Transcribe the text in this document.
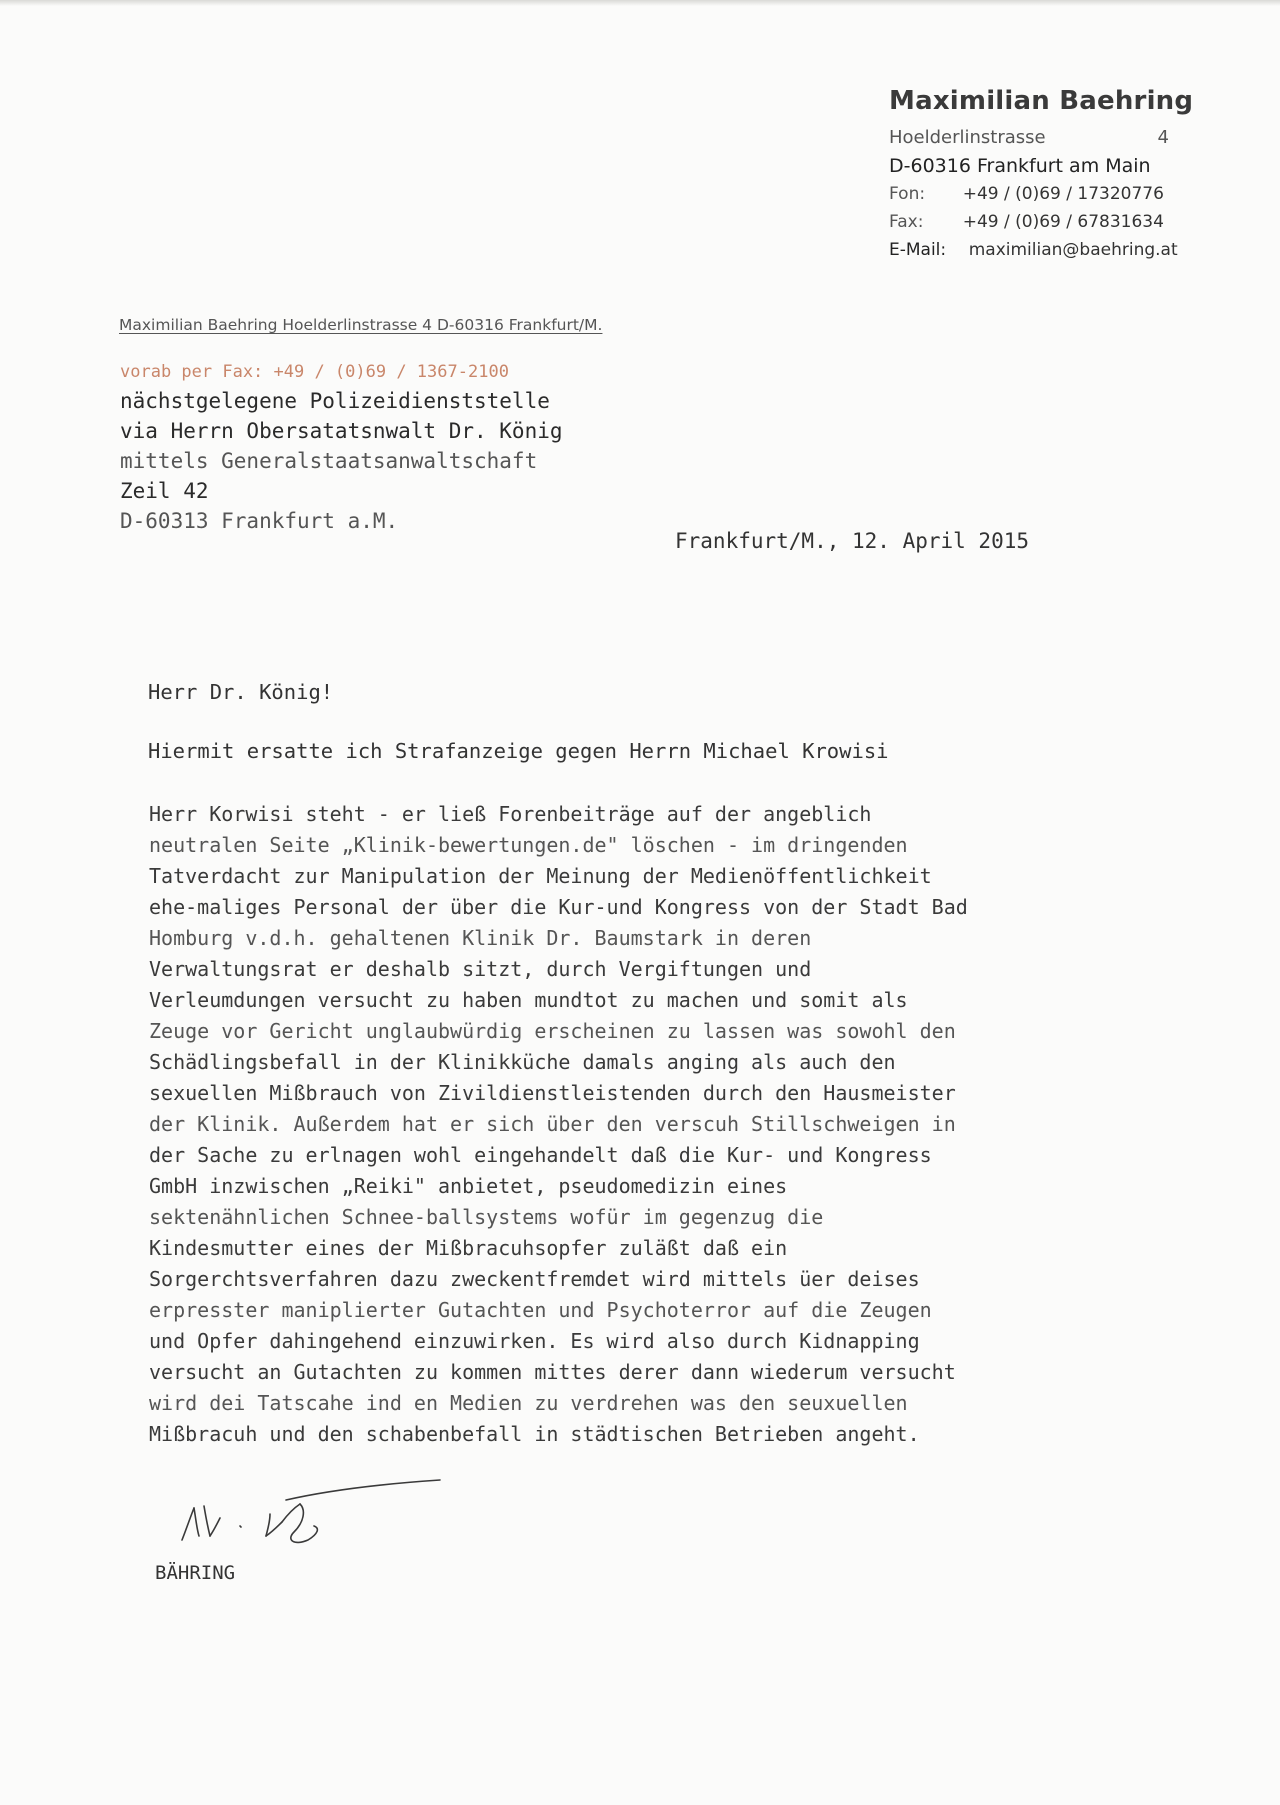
Maximilian Baehring
Hoelderlinstrasse	4
D-60316 Frankfurt am Main
Fon: +49 / (0)69 / 17320776
Fax: +49 / (0)69 / 67831634
E-Mail: maximilian@baehring.at
Maximilian Baehring Hoelderlinstrasse 4 D-60316 Frankfurt/M.
vorab per Fax: +49 / (0)69 / 1367-2100
nächstgelegene Polizeidienststelle
via Herrn Obersatatsnwalt Dr. König
mittels Generalstaatsanwaltschaft
Zeil 42
D-60313 Frankfurt a.M.
Frankfurt/M., 12. April 2015
Herr Dr. König!
Hiermit ersatte ich Strafanzeige gegen Herrn Michael Krowisi
Herr Korwisi steht - er ließ Forenbeiträge auf der angeblich
neutralen Seite „Klinik-bewertungen.de" löschen - im dringenden
Tatverdacht zur Manipulation der Meinung der Medienöffentlichkeit
ehe-maliges Personal der über die Kur-und Kongress von der Stadt Bad
Homburg v.d.h. gehaltenen Klinik Dr. Baumstark in deren
Verwaltungsrat er deshalb sitzt, durch Vergiftungen und
Verleumdungen versucht zu haben mundtot zu machen und somit als
Zeuge vor Gericht unglaubwürdig erscheinen zu lassen was sowohl den
Schädlingsbefall in der Klinikküche damals anging als auch den
sexuellen Mißbrauch von Zivildienstleistenden durch den Hausmeister
der Klinik. Außerdem hat er sich über den verscuh Stillschweigen in
der Sache zu erlnagen wohl eingehandelt daß die Kur- und Kongress
GmbH inzwischen „Reiki" anbietet, pseudomedizin eines
sektenähnlichen Schnee-ballsystems wofür im gegenzug die
Kindesmutter eines der Mißbracuhsopfer zuläßt daß ein
Sorgerchtsverfahren dazu zweckentfremdet wird mittels üer deises
erpresster maniplierter Gutachten und Psychoterror auf die Zeugen
und Opfer dahingehend einzuwirken. Es wird also durch Kidnapping
versucht an Gutachten zu kommen mittes derer dann wiederum versucht
wird dei Tatscahe ind en Medien zu verdrehen was den seuxuellen
Mißbracuh und den schabenbefall in städtischen Betrieben angeht.
BÄHRING
